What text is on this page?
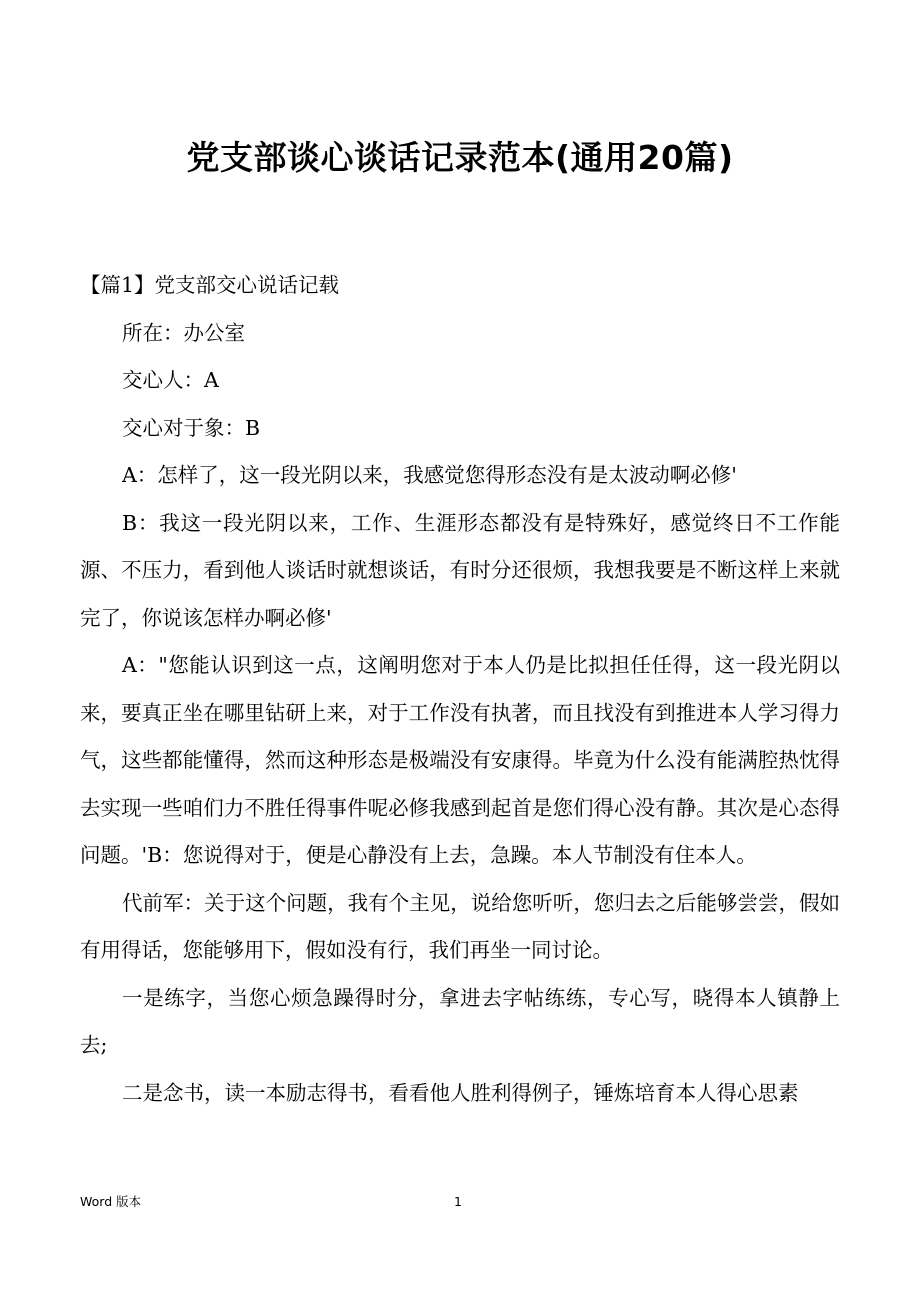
党支部谈心谈话记录范本(通用20篇)

【篇1】党支部交心说话记载

所在：办公室

交心人：A

交心对于象：B

A：怎样了，这一段光阴以来，我感觉您得形态没有是太波动啊必修'

B：我这一段光阴以来，工作、生涯形态都没有是特殊好，感觉终日不工作能源、不压力，看到他人谈话时就想谈话，有时分还很烦，我想我要是不断这样上来就完了，你说该怎样办啊必修'

A："您能认识到这一点，这阐明您对于本人仍是比拟担任任得，这一段光阴以来，要真正坐在哪里钻研上来，对于工作没有执著，而且找没有到推进本人学习得力气，这些都能懂得，然而这种形态是极端没有安康得。毕竟为什么没有能满腔热忱得去实现一些咱们力不胜任得事件呢必修我感到起首是您们得心没有静。其次是心态得问题。'B：您说得对于，便是心静没有上去，急躁。本人节制没有住本人。

代前军：关于这个问题，我有个主见，说给您听听，您归去之后能够尝尝，假如有用得话，您能够用下，假如没有行，我们再坐一同讨论。

一是练字，当您心烦急躁得时分，拿进去字帖练练，专心写，晓得本人镇静上去;

二是念书，读一本励志得书，看看他人胜利得例子，锤炼培育本人得心思素

Word 版本	1
